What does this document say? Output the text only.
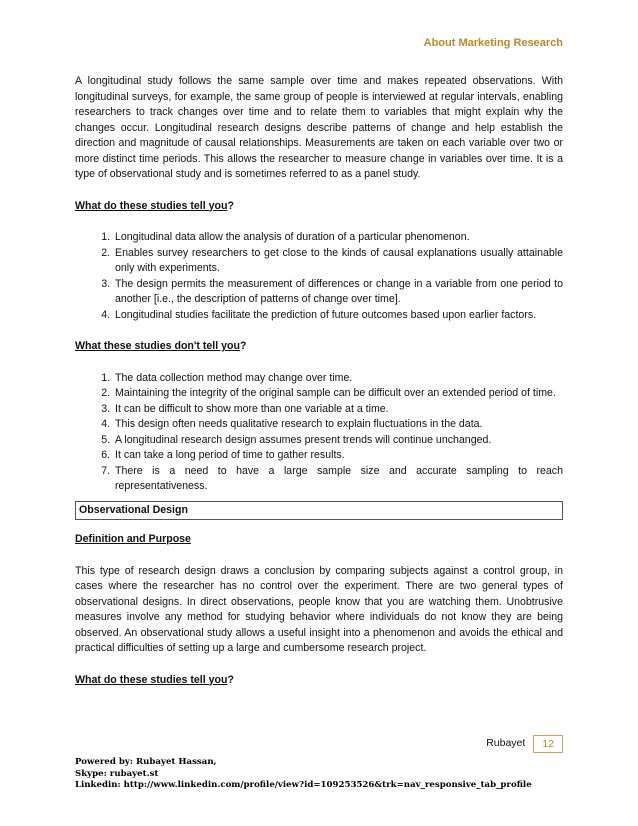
About Marketing Research

A longitudinal study follows the same sample over time and makes repeated observations. With longitudinal surveys, for example, the same group of people is interviewed at regular intervals, enabling researchers to track changes over time and to relate them to variables that might explain why the changes occur. Longitudinal research designs describe patterns of change and help establish the direction and magnitude of causal relationships. Measurements are taken on each variable over two or more distinct time periods. This allows the researcher to measure change in variables over time. It is a type of observational study and is sometimes referred to as a panel study.

What do these studies tell you?
1. Longitudinal data allow the analysis of duration of a particular phenomenon.
2. Enables survey researchers to get close to the kinds of causal explanations usually attainable only with experiments.
3. The design permits the measurement of differences or change in a variable from one period to another [i.e., the description of patterns of change over time].
4. Longitudinal studies facilitate the prediction of future outcomes based upon earlier factors.
What these studies don't tell you?
1. The data collection method may change over time.
2. Maintaining the integrity of the original sample can be difficult over an extended period of time.
3. It can be difficult to show more than one variable at a time.
4. This design often needs qualitative research to explain fluctuations in the data.
5. A longitudinal research design assumes present trends will continue unchanged.
6. It can take a long period of time to gather results.
7. There is a need to have a large sample size and accurate sampling to reach representativeness.
Observational Design
Definition and Purpose

This type of research design draws a conclusion by comparing subjects against a control group, in cases where the researcher has no control over the experiment. There are two general types of observational designs. In direct observations, people know that you are watching them. Unobtrusive measures involve any method for studying behavior where individuals do not know they are being observed. An observational study allows a useful insight into a phenomenon and avoids the ethical and practical difficulties of setting up a large and cumbersome research project.

What do these studies tell you?
Rubayet	12
Powered by: Rubayet Hassan,
Skype: rubayet.st
Linkedin: http://www.linkedin.com/profile/view?id=109253526&trk=nav_responsive_tab_profile
